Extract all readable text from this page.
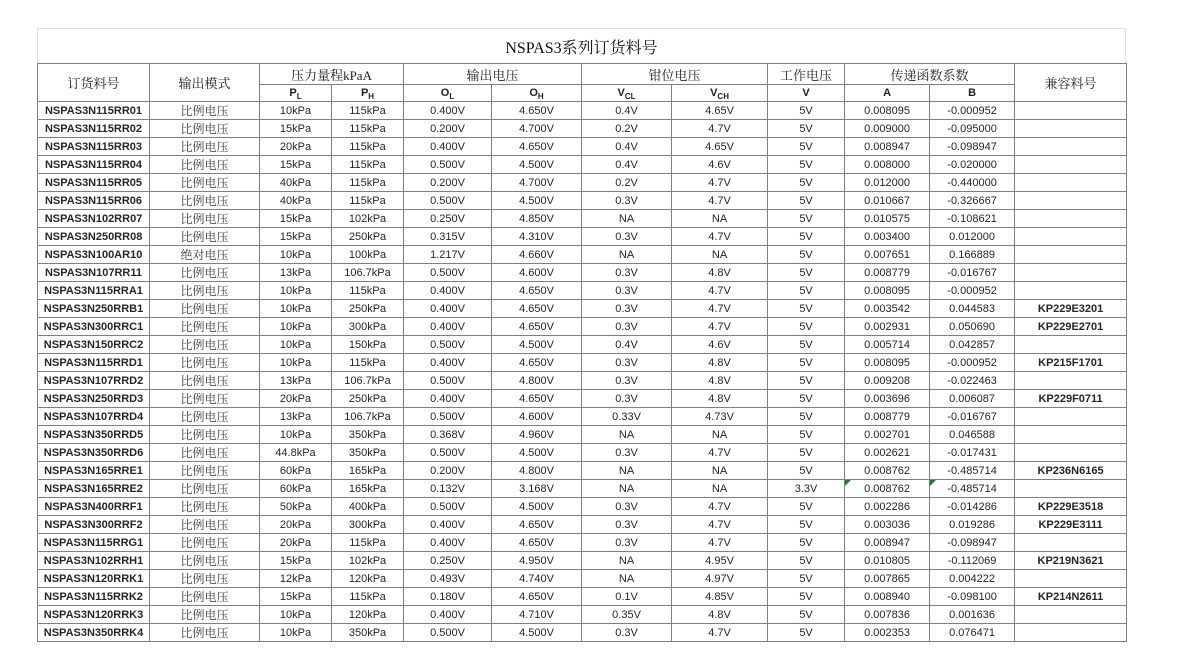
NSPAS3系列订货料号
订货料号	输出模式	压力量程kPaA		输出电压		钳位电压		工作电压	传递函数系数		兼容料号
		$P_L$	$P_H$	$O_L$	$O_H$	$V_{CL}$	$V_{CH}$	V	A	B	
NSPAS3N115RR01	比例电压	10kPa	115kPa	0.400V	4.650V	0.4V	4.65V	5V	0.008095	-0.000952	
NSPAS3N115RR02	比例电压	15kPa	115kPa	0.200V	4.700V	0.2V	4.7V	5V	0.009000	-0.095000	
NSPAS3N115RR03	比例电压	20kPa	115kPa	0.400V	4.650V	0.4V	4.65V	5V	0.008947	-0.098947	
NSPAS3N115RR04	比例电压	15kPa	115kPa	0.500V	4.500V	0.4V	4.6V	5V	0.008000	-0.020000	
NSPAS3N115RR05	比例电压	40kPa	115kPa	0.200V	4.700V	0.2V	4.7V	5V	0.012000	-0.440000	
NSPAS3N115RR06	比例电压	40kPa	115kPa	0.500V	4.500V	0.3V	4.7V	5V	0.010667	-0.326667	
NSPAS3N102RR07	比例电压	15kPa	102kPa	0.250V	4.850V	NA	NA	5V	0.010575	-0.108621	
NSPAS3N250RR08	比例电压	15kPa	250kPa	0.315V	4.310V	0.3V	4.7V	5V	0.003400	0.012000	
NSPAS3N100AR10	绝对电压	10kPa	100kPa	1.217V	4.660V	NA	NA	5V	0.007651	0.166889	
NSPAS3N107RR11	比例电压	13kPa	106.7kPa	0.500V	4.600V	0.3V	4.8V	5V	0.008779	-0.016767	
NSPAS3N115RRA1	比例电压	10kPa	115kPa	0.400V	4.650V	0.3V	4.7V	5V	0.008095	-0.000952	
NSPAS3N250RRB1	比例电压	10kPa	250kPa	0.400V	4.650V	0.3V	4.7V	5V	0.003542	0.044583	KP229E3201
NSPAS3N300RRC1	比例电压	10kPa	300kPa	0.400V	4.650V	0.3V	4.7V	5V	0.002931	0.050690	KP229E2701
NSPAS3N150RRC2	比例电压	10kPa	150kPa	0.500V	4.500V	0.4V	4.6V	5V	0.005714	0.042857	
NSPAS3N115RRD1	比例电压	10kPa	115kPa	0.400V	4.650V	0.3V	4.8V	5V	0.008095	-0.000952	KP215F1701
NSPAS3N107RRD2	比例电压	13kPa	106.7kPa	0.500V	4.800V	0.3V	4.8V	5V	0.009208	-0.022463	
NSPAS3N250RRD3	比例电压	20kPa	250kPa	0.400V	4.650V	0.3V	4.8V	5V	0.003696	0.006087	KP229F0711
NSPAS3N107RRD4	比例电压	13kPa	106.7kPa	0.500V	4.600V	0.33V	4.73V	5V	0.008779	-0.016767	
NSPAS3N350RRD5	比例电压	10kPa	350kPa	0.368V	4.960V	NA	NA	5V	0.002701	0.046588	
NSPAS3N350RRD6	比例电压	44.8kPa	350kPa	0.500V	4.500V	0.3V	4.7V	5V	0.002621	-0.017431	
NSPAS3N165RRE1	比例电压	60kPa	165kPa	0.200V	4.800V	NA	NA	5V	0.008762	-0.485714	KP236N6165
NSPAS3N165RRE2	比例电压	60kPa	165kPa	0.132V	3.168V	NA	NA	3.3V	0.008762	-0.485714

NSPAS3N400RRF1	比例电压	50kPa	400kPa	0.500V	4.500V	0.3V	4.7V	5V	0.002286	-0.014286	KP229E3518
NSPAS3N300RRF2	比例电压	20kPa	300kPa	0.400V	4.650V	0.3V	4.7V	5V	0.003036	0.019286	KP229E3111
NSPAS3N115RRG1	比例电压	20kPa	115kPa	0.400V	4.650V	0.3V	4.7V	5V	0.008947	-0.098947	
NSPAS3N102RRH1	比例电压	15kPa	102kPa	0.250V	4.950V	NA	4.95V	5V	0.010805	-0.112069	KP219N3621
NSPAS3N120RRK1	比例电压	12kPa	120kPa	0.493V	4.740V	NA	4.97V	5V	0.007865	0.004222	
NSPAS3N115RRK2	比例电压	15kPa	115kPa	0.180V	4.650V	0.1V	4.85V	5V	0.008940	-0.098100	KP214N2611
NSPAS3N120RRK3	比例电压	10kPa	120kPa	0.400V	4.710V	0.35V	4.8V	5V	0.007836	0.001636	
NSPAS3N350RRK4	比例电压	10kPa	350kPa	0.500V	4.500V	0.3V	4.7V	5V	0.002353	0.076471	
